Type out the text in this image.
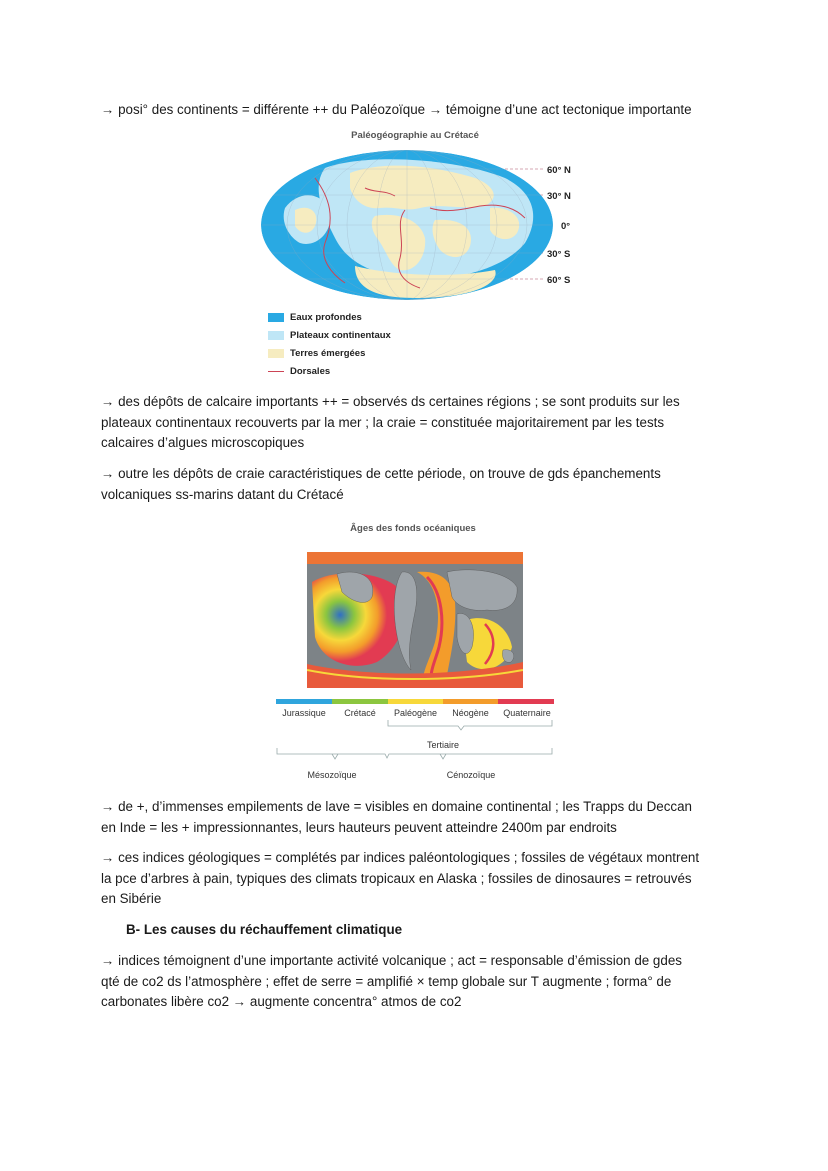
→ posi° des continents = différente ++ du Paléozoïque → témoigne d’une act tectonique importante

Paléogéographie au Crétacé
60° N
30° N
0°
30° S
60° S
Eaux profondes
Plateaux continentaux
Terres émergées
Dorsales

→ des dépôts de calcaire importants ++ = observés ds certaines régions ; se sont produits sur les
plateaux continentaux recouverts par la mer ; la craie = constituée majoritairement par les tests
calcaires d’algues microscopiques

→ outre les dépôts de craie caractéristiques de cette période, on trouve de gds épanchements
volcaniques ss-marins datant du Crétacé

Âges des fonds océaniques
Jurassique	Crétacé	Paléogène	Néogène	Quaternaire
Tertiaire
Mésozoïque	Cénozoïque

→ de +, d’immenses empilements de lave = visibles en domaine continental ; les Trapps du Deccan
en Inde = les + impressionnantes, leurs hauteurs peuvent atteindre 2400m par endroits

→ ces indices géologiques = complétés par indices paléontologiques ; fossiles de végétaux montrent
la pce d’arbres à pain, typiques des climats tropicaux en Alaska ; fossiles de dinosaures = retrouvés
en Sibérie

B- Les causes du réchauffement climatique

→ indices témoignent d’une importante activité volcanique ; act = responsable d’émission de gdes
qté de co2 ds l’atmosphère ; effet de serre = amplifié × temp globale sur T augmente ; forma° de
carbonates libère co2 → augmente concentra° atmos de co2
